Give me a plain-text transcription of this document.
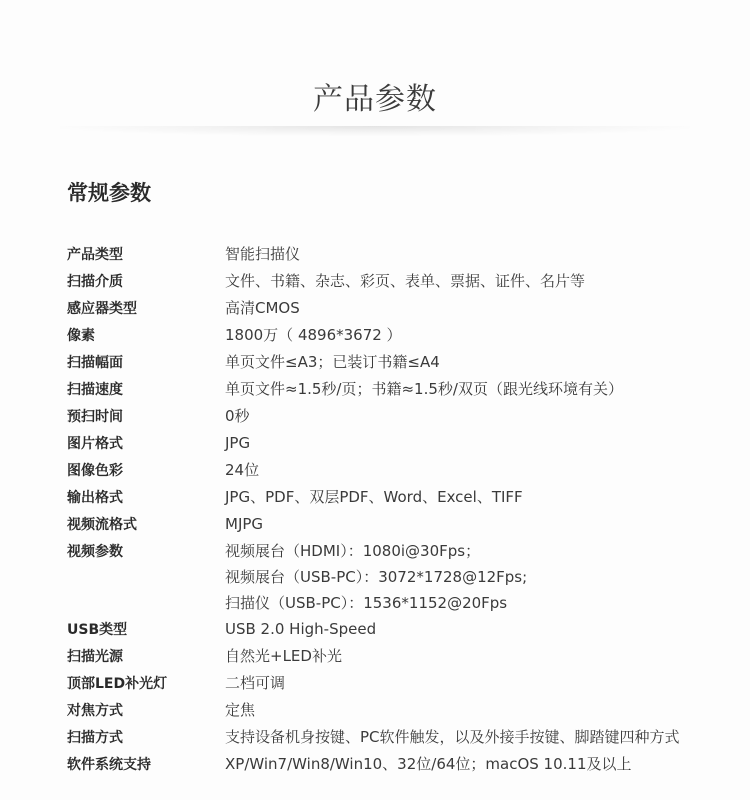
产品参数
常规参数
产品类型	智能扫描仪
扫描介质	文件、书籍、杂志、彩页、表单、票据、证件、名片等
感应器类型	高清CMOS
像素	1800万（ 4896*3672 ）
扫描幅面	单页文件≤A3；已装订书籍≤A4
扫描速度	单页文件≈1.5秒/页；书籍≈1.5秒/双页（跟光线环境有关）
预扫时间	0秒
图片格式	JPG
图像色彩	24位
输出格式	JPG、PDF、双层PDF、Word、Excel、TIFF
视频流格式	MJPG
视频参数	视频展台（HDMI）：1080i@30Fps；
视频展台（USB-PC）：3072*1728@12Fps;
扫描仪（USB-PC）：1536*1152@20Fps
USB类型	USB 2.0 High-Speed
扫描光源	自然光+LED补光
顶部LED补光灯	二档可调
对焦方式	定焦
扫描方式	支持设备机身按键、PC软件触发，以及外接手按键、脚踏键四种方式
软件系统支持	XP/Win7/Win8/Win10、32位/64位；macOS 10.11及以上
